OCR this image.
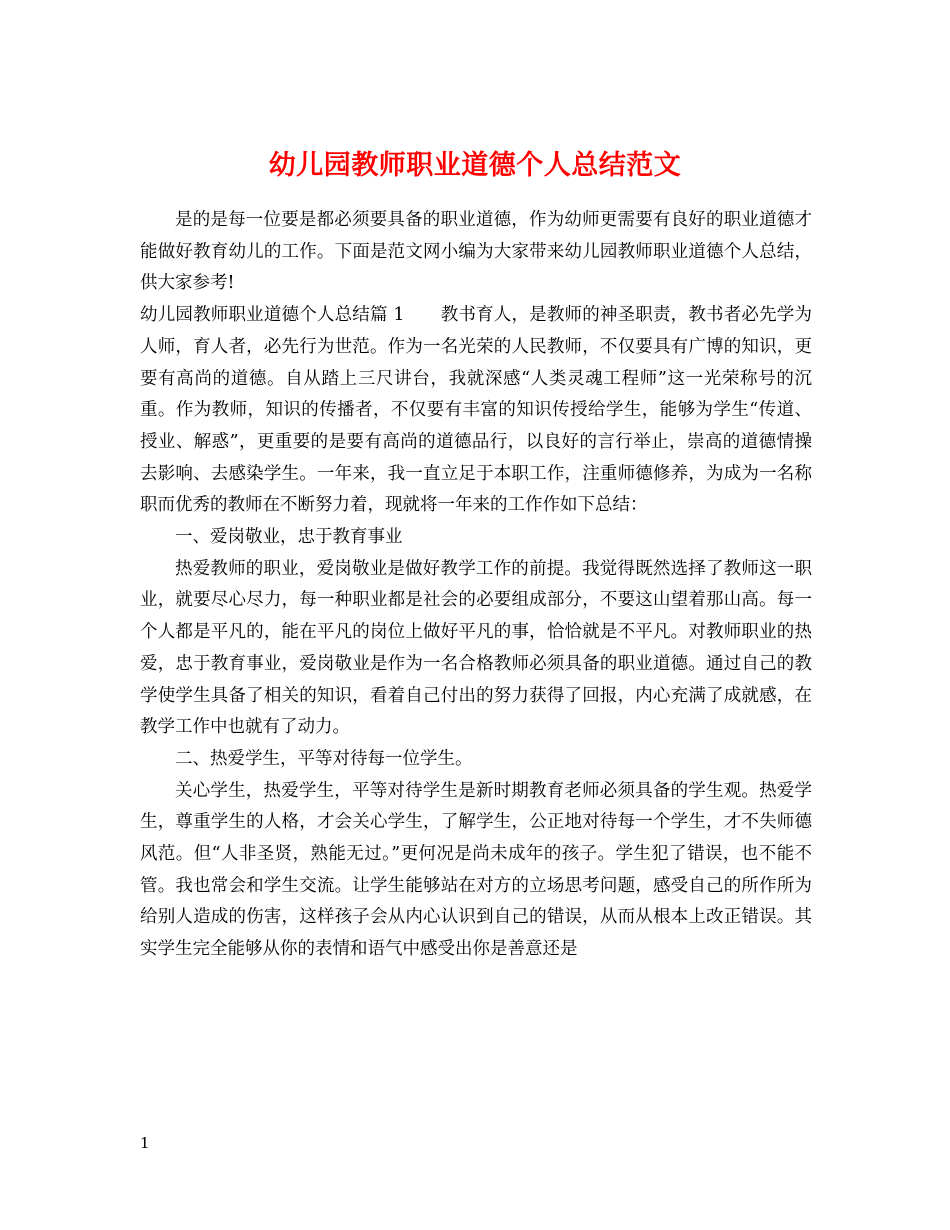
幼儿园教师职业道德个人总结范文

是的是每一位要是都必须要具备的职业道德，作为幼师更需要有良好的职业道德才能做好教育幼儿的工作。下面是范文网小编为大家带来幼儿园教师职业道德个人总结，供大家参考!

幼儿园教师职业道德个人总结篇 1 教书育人，是教师的神圣职责，教书者必先学为人师，育人者，必先行为世范。作为一名光荣的人民教师，不仅要具有广博的知识，更要有高尚的道德。自从踏上三尺讲台，我就深感“人类灵魂工程师”这一光荣称号的沉重。作为教师，知识的传播者，不仅要有丰富的知识传授给学生，能够为学生“传道、授业、解惑”，更重要的是要有高尚的道德品行，以良好的言行举止，崇高的道德情操去影响、去感染学生。一年来，我一直立足于本职工作，注重师德修养，为成为一名称职而优秀的教师在不断努力着，现就将一年来的工作作如下总结：

一、爱岗敬业，忠于教育事业

热爱教师的职业，爱岗敬业是做好教学工作的前提。我觉得既然选择了教师这一职业，就要尽心尽力，每一种职业都是社会的必要组成部分，不要这山望着那山高。每一个人都是平凡的，能在平凡的岗位上做好平凡的事，恰恰就是不平凡。对教师职业的热爱，忠于教育事业，爱岗敬业是作为一名合格教师必须具备的职业道德。通过自己的教学使学生具备了相关的知识，看着自己付出的努力获得了回报，内心充满了成就感，在教学工作中也就有了动力。

二、热爱学生，平等对待每一位学生。

关心学生，热爱学生，平等对待学生是新时期教育老师必须具备的学生观。热爱学生，尊重学生的人格，才会关心学生，了解学生，公正地对待每一个学生，才不失师德风范。但“人非圣贤，熟能无过。”更何况是尚未成年的孩子。学生犯了错误，也不能不管。我也常会和学生交流。让学生能够站在对方的立场思考问题，感受自己的所作所为给别人造成的伤害，这样孩子会从内心认识到自己的错误，从而从根本上改正错误。其实学生完全能够从你的表情和语气中感受出你是善意还是

1
